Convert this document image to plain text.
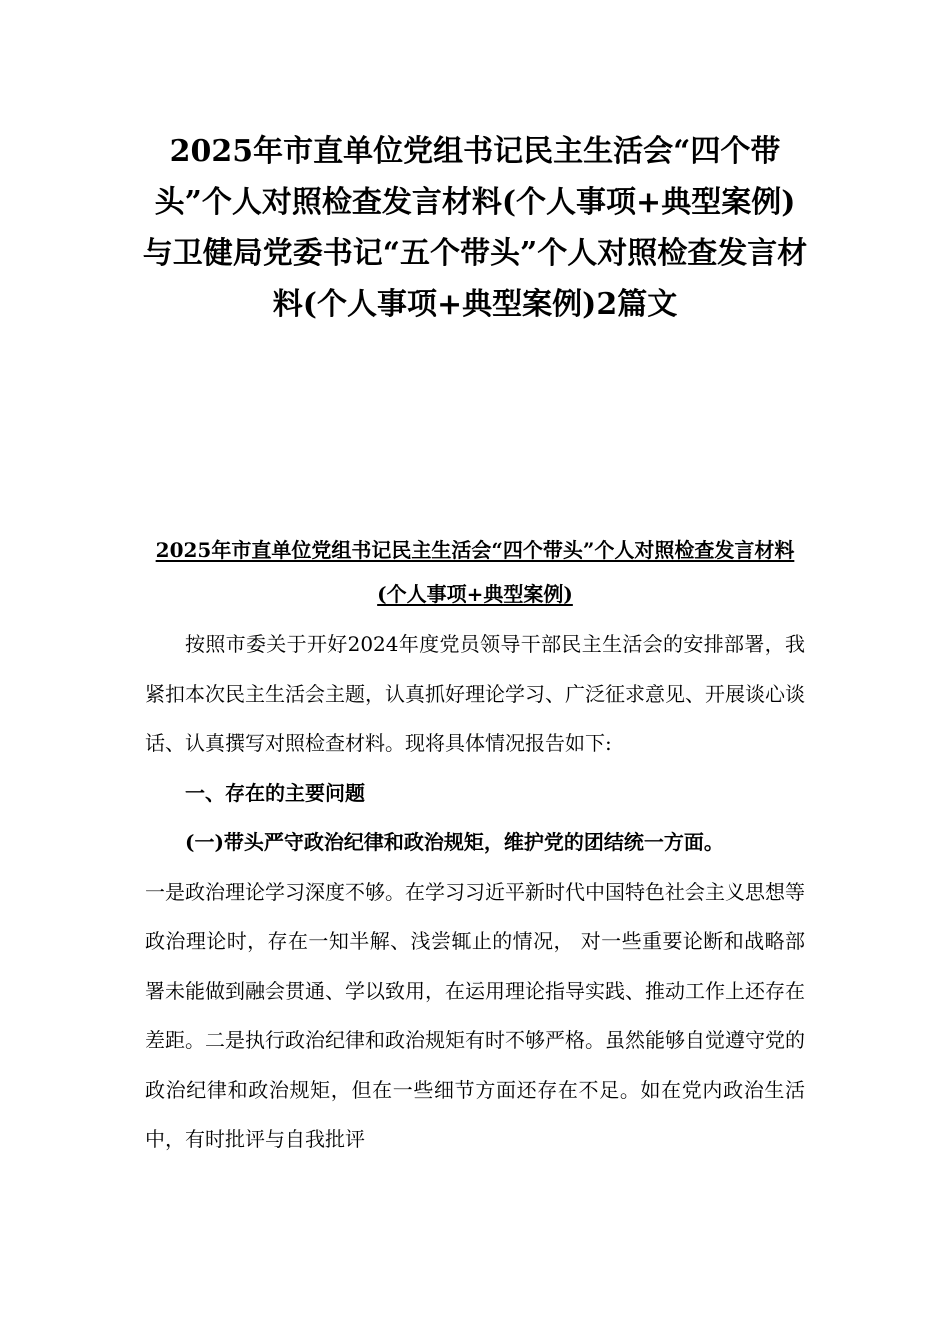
2025年市直单位党组书记民主生活会“四个带头”个人对照检查发言材料(个人事项+典型案例)与卫健局党委书记“五个带头”个人对照检查发言材料(个人事项+典型案例)2篇文
2025年市直单位党组书记民主生活会“四个带头”个人对照检查发言材料(个人事项+典型案例)

按照市委关于开好2024年度党员领导干部民主生活会的安排部署，我紧扣本次民主生活会主题，认真抓好理论学习、广泛征求意见、开展谈心谈话、认真撰写对照检查材料。现将具体情况报告如下:

一、存在的主要问题

(一)带头严守政治纪律和政治规矩，维护党的团结统一方面。

一是政治理论学习深度不够。在学习习近平新时代中国特色社会主义思想等政治理论时，存在一知半解、浅尝辄止的情况， 对一些重要论断和战略部署未能做到融会贯通、学以致用，在运用理论指导实践、推动工作上还存在差距。二是执行政治纪律和政治规矩有时不够严格。虽然能够自觉遵守党的政治纪律和政治规矩，但在一些细节方面还存在不足。如在党内政治生活中，有时批评与自我批评
